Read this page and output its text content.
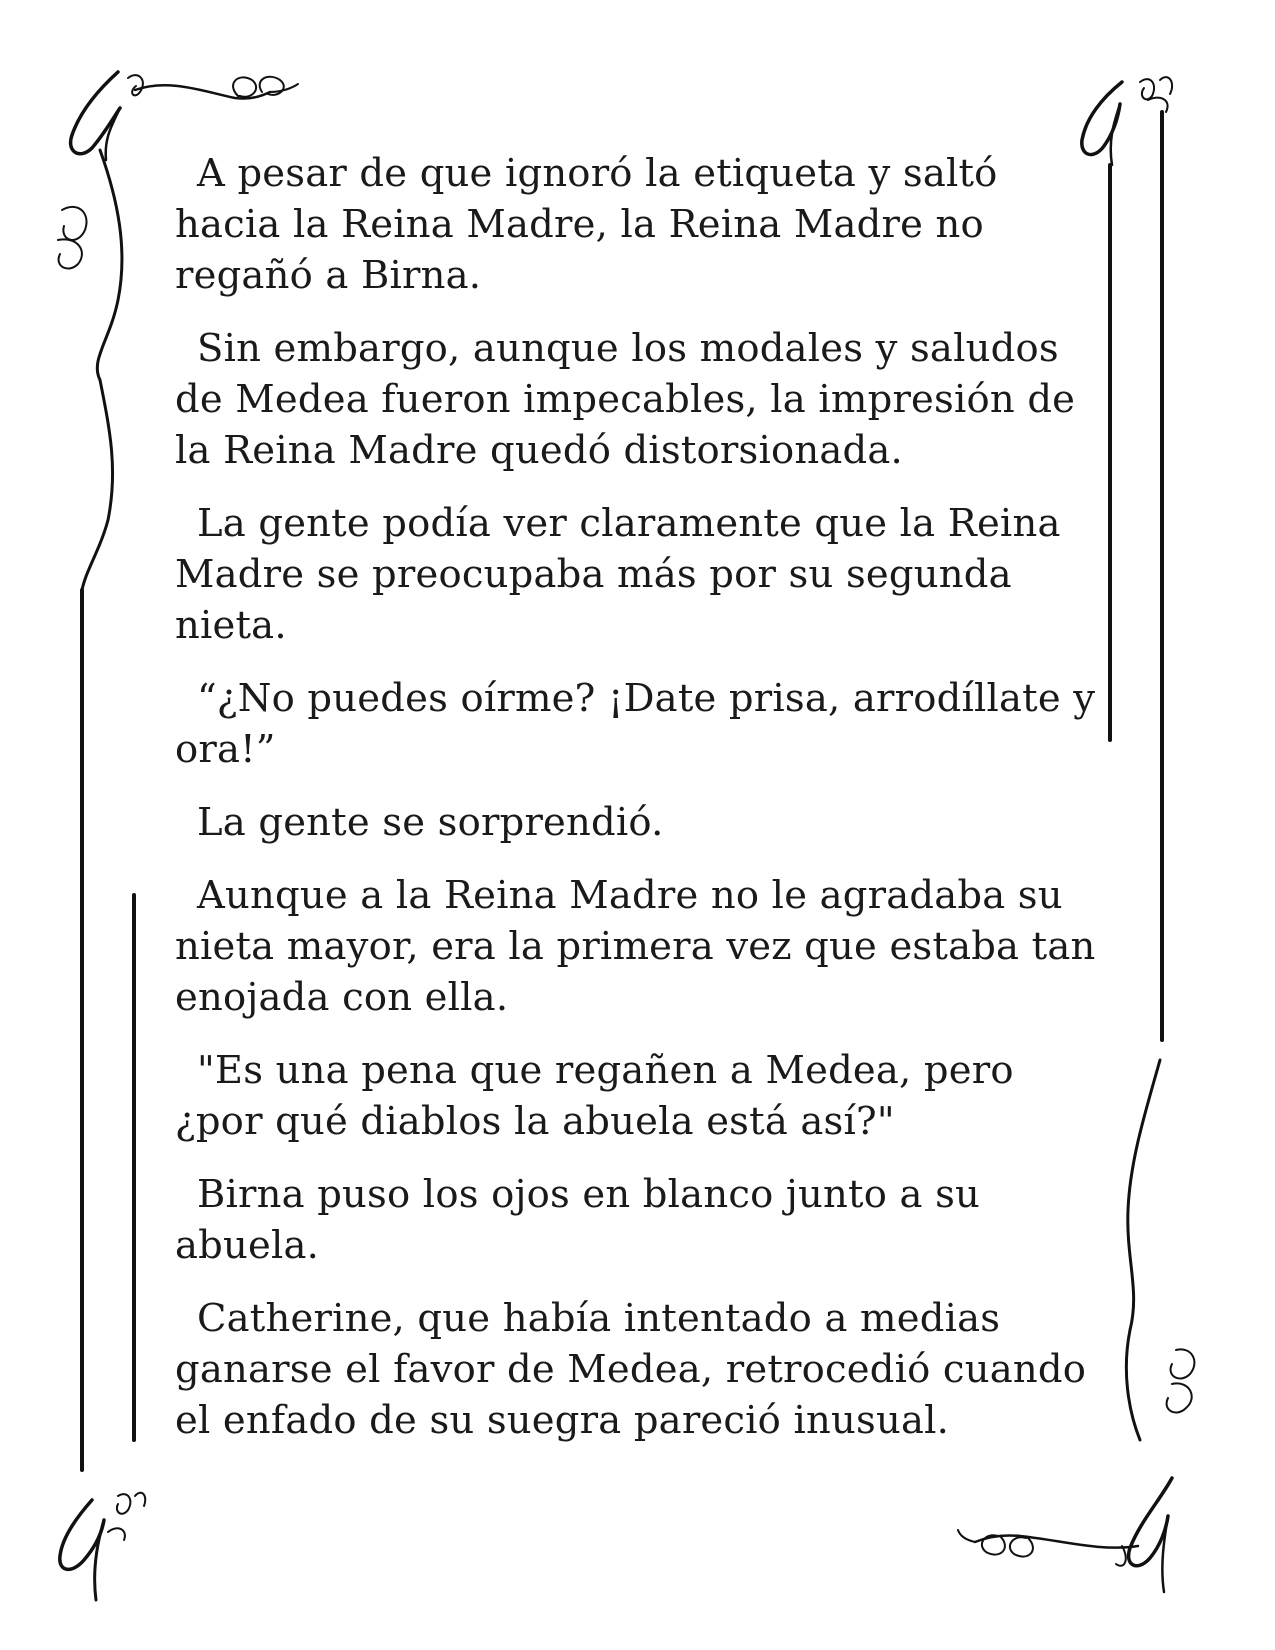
A pesar de que ignoró la etiqueta y saltó hacia la Reina Madre, la Reina Madre no regañó a Birna.

Sin embargo, aunque los modales y saludos de Medea fueron impecables, la impresión de la Reina Madre quedó distorsionada.

La gente podía ver claramente que la Reina Madre se preocupaba más por su segunda nieta.

“¿No puedes oírme? ¡Date prisa, arrodíllate y ora!”

La gente se sorprendió.

Aunque a la Reina Madre no le agradaba su nieta mayor, era la primera vez que estaba tan enojada con ella.

"Es una pena que regañen a Medea, pero ¿por qué diablos la abuela está así?"

Birna puso los ojos en blanco junto a su abuela.

Catherine, que había intentado a medias ganarse el favor de Medea, retrocedió cuando el enfado de su suegra pareció inusual.
